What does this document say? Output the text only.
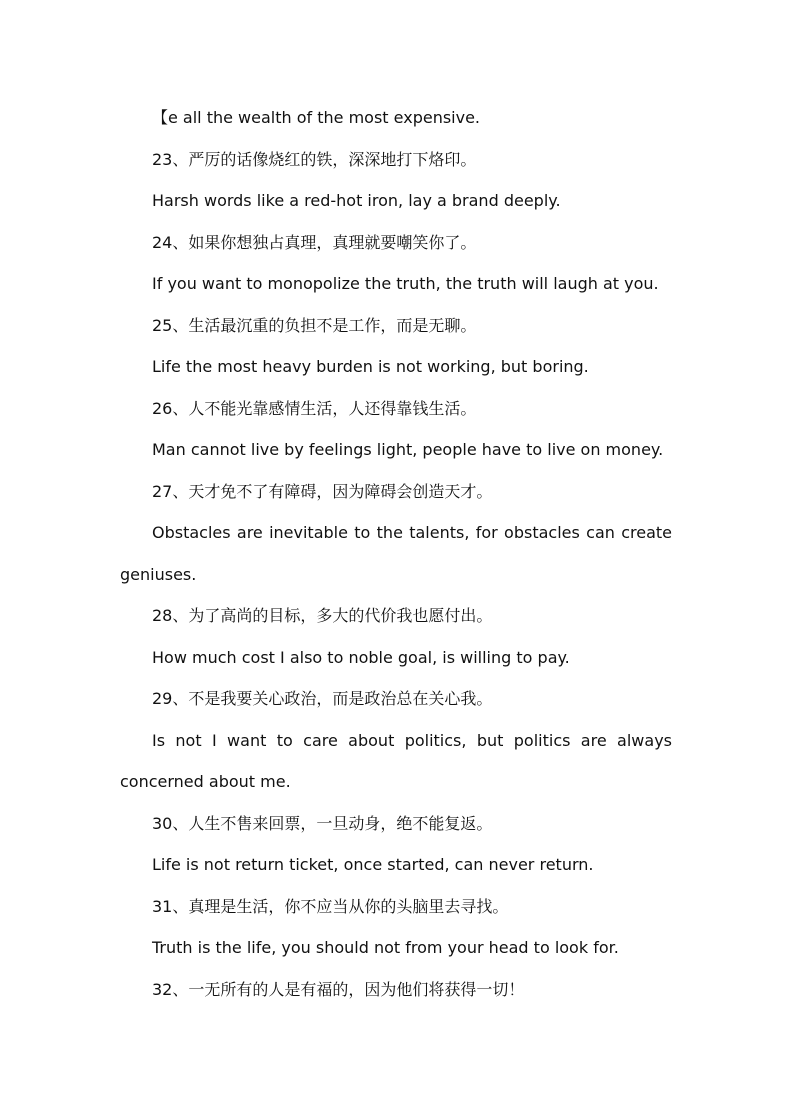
【e all the wealth of the most expensive.
23、严厉的话像烧红的铁，深深地打下烙印。
Harsh words like a red-hot iron, lay a brand deeply.
24、如果你想独占真理，真理就要嘲笑你了。
If you want to monopolize the truth, the truth will laugh at you.
25、生活最沉重的负担不是工作，而是无聊。
Life the most heavy burden is not working, but boring.
26、人不能光靠感情生活，人还得靠钱生活。
Man cannot live by feelings light, people have to live on money.
27、天才免不了有障碍，因为障碍会创造天才。
Obstacles are inevitable to the talents, for obstacles can create
geniuses.
28、为了高尚的目标，多大的代价我也愿付出。
How much cost I also to noble goal, is willing to pay.
29、不是我要关心政治，而是政治总在关心我。
Is not I want to care about politics, but politics are always
concerned about me.
30、人生不售来回票，一旦动身，绝不能复返。
Life is not return ticket, once started, can never return.
31、真理是生活，你不应当从你的头脑里去寻找。
Truth is the life, you should not from your head to look for.
32、一无所有的人是有福的，因为他们将获得一切！
